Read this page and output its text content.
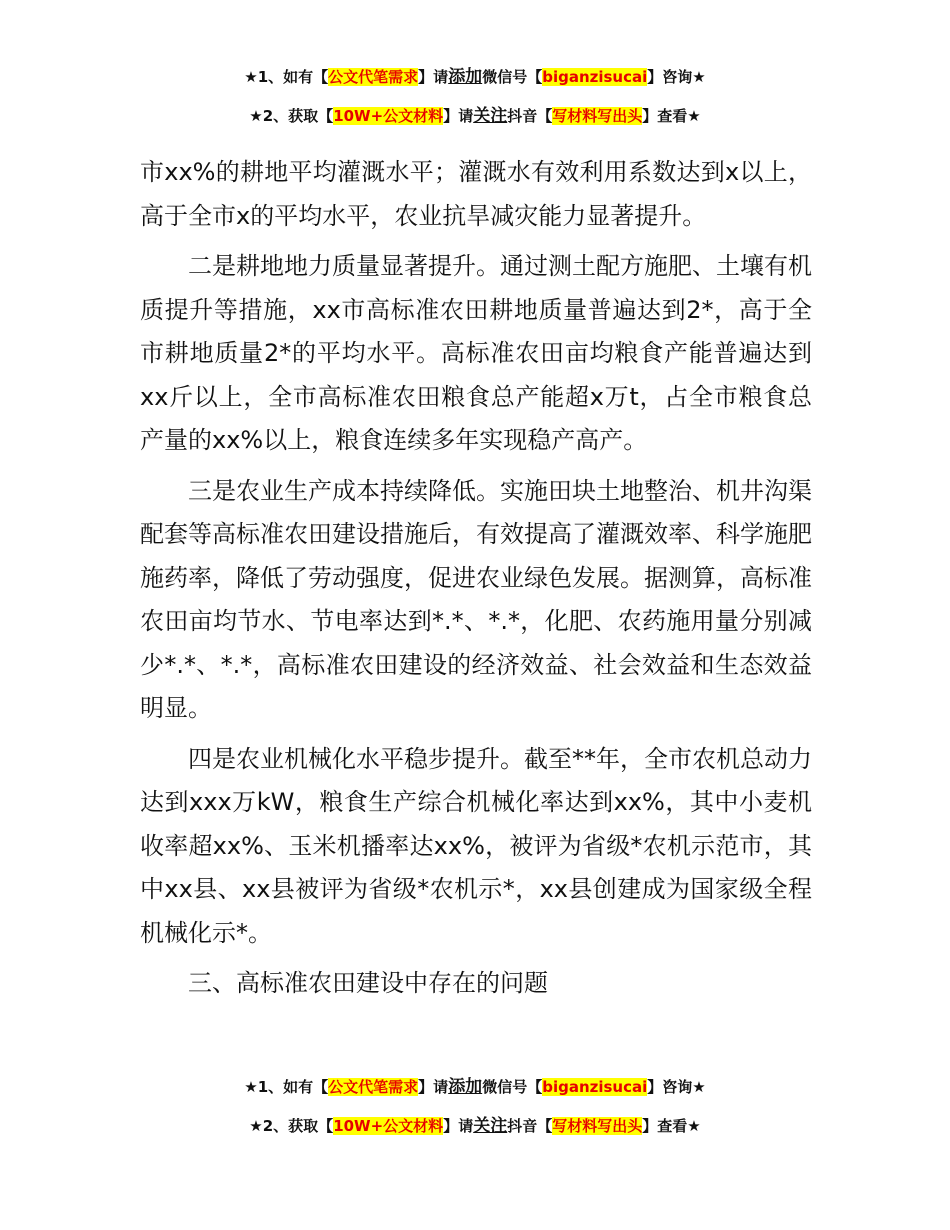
★1、如有【公文代笔需求】请添加微信号【biganzisucai】咨询★
★2、获取【10W+公文材料】请关注抖音【写材料写出头】查看★

市xx%的耕地平均灌溉水平；灌溉水有效利用系数达到x以上，高于全市x的平均水平，农业抗旱减灾能力显著提升。

二是耕地地力质量显著提升。通过测土配方施肥、土壤有机质提升等措施，xx市高标准农田耕地质量普遍达到2*，高于全市耕地质量2*的平均水平。高标准农田亩均粮食产能普遍达到xx斤以上，全市高标准农田粮食总产能超x万t，占全市粮食总产量的xx%以上，粮食连续多年实现稳产高产。

三是农业生产成本持续降低。实施田块土地整治、机井沟渠配套等高标准农田建设措施后，有效提高了灌溉效率、科学施肥施药率，降低了劳动强度，促进农业绿色发展。据测算，高标准农田亩均节水、节电率达到*.*、*.*，化肥、农药施用量分别减少*.*、*.*，高标准农田建设的经济效益、社会效益和生态效益明显。

四是农业机械化水平稳步提升。截至**年，全市农机总动力达到xxx万kW，粮食生产综合机械化率达到xx%，其中小麦机收率超xx%、玉米机播率达xx%，被评为省级*农机示范市，其中xx县、xx县被评为省级*农机示*，xx县创建成为国家级全程机械化示*。

三、高标准农田建设中存在的问题

★1、如有【公文代笔需求】请添加微信号【biganzisucai】咨询★
★2、获取【10W+公文材料】请关注抖音【写材料写出头】查看★
